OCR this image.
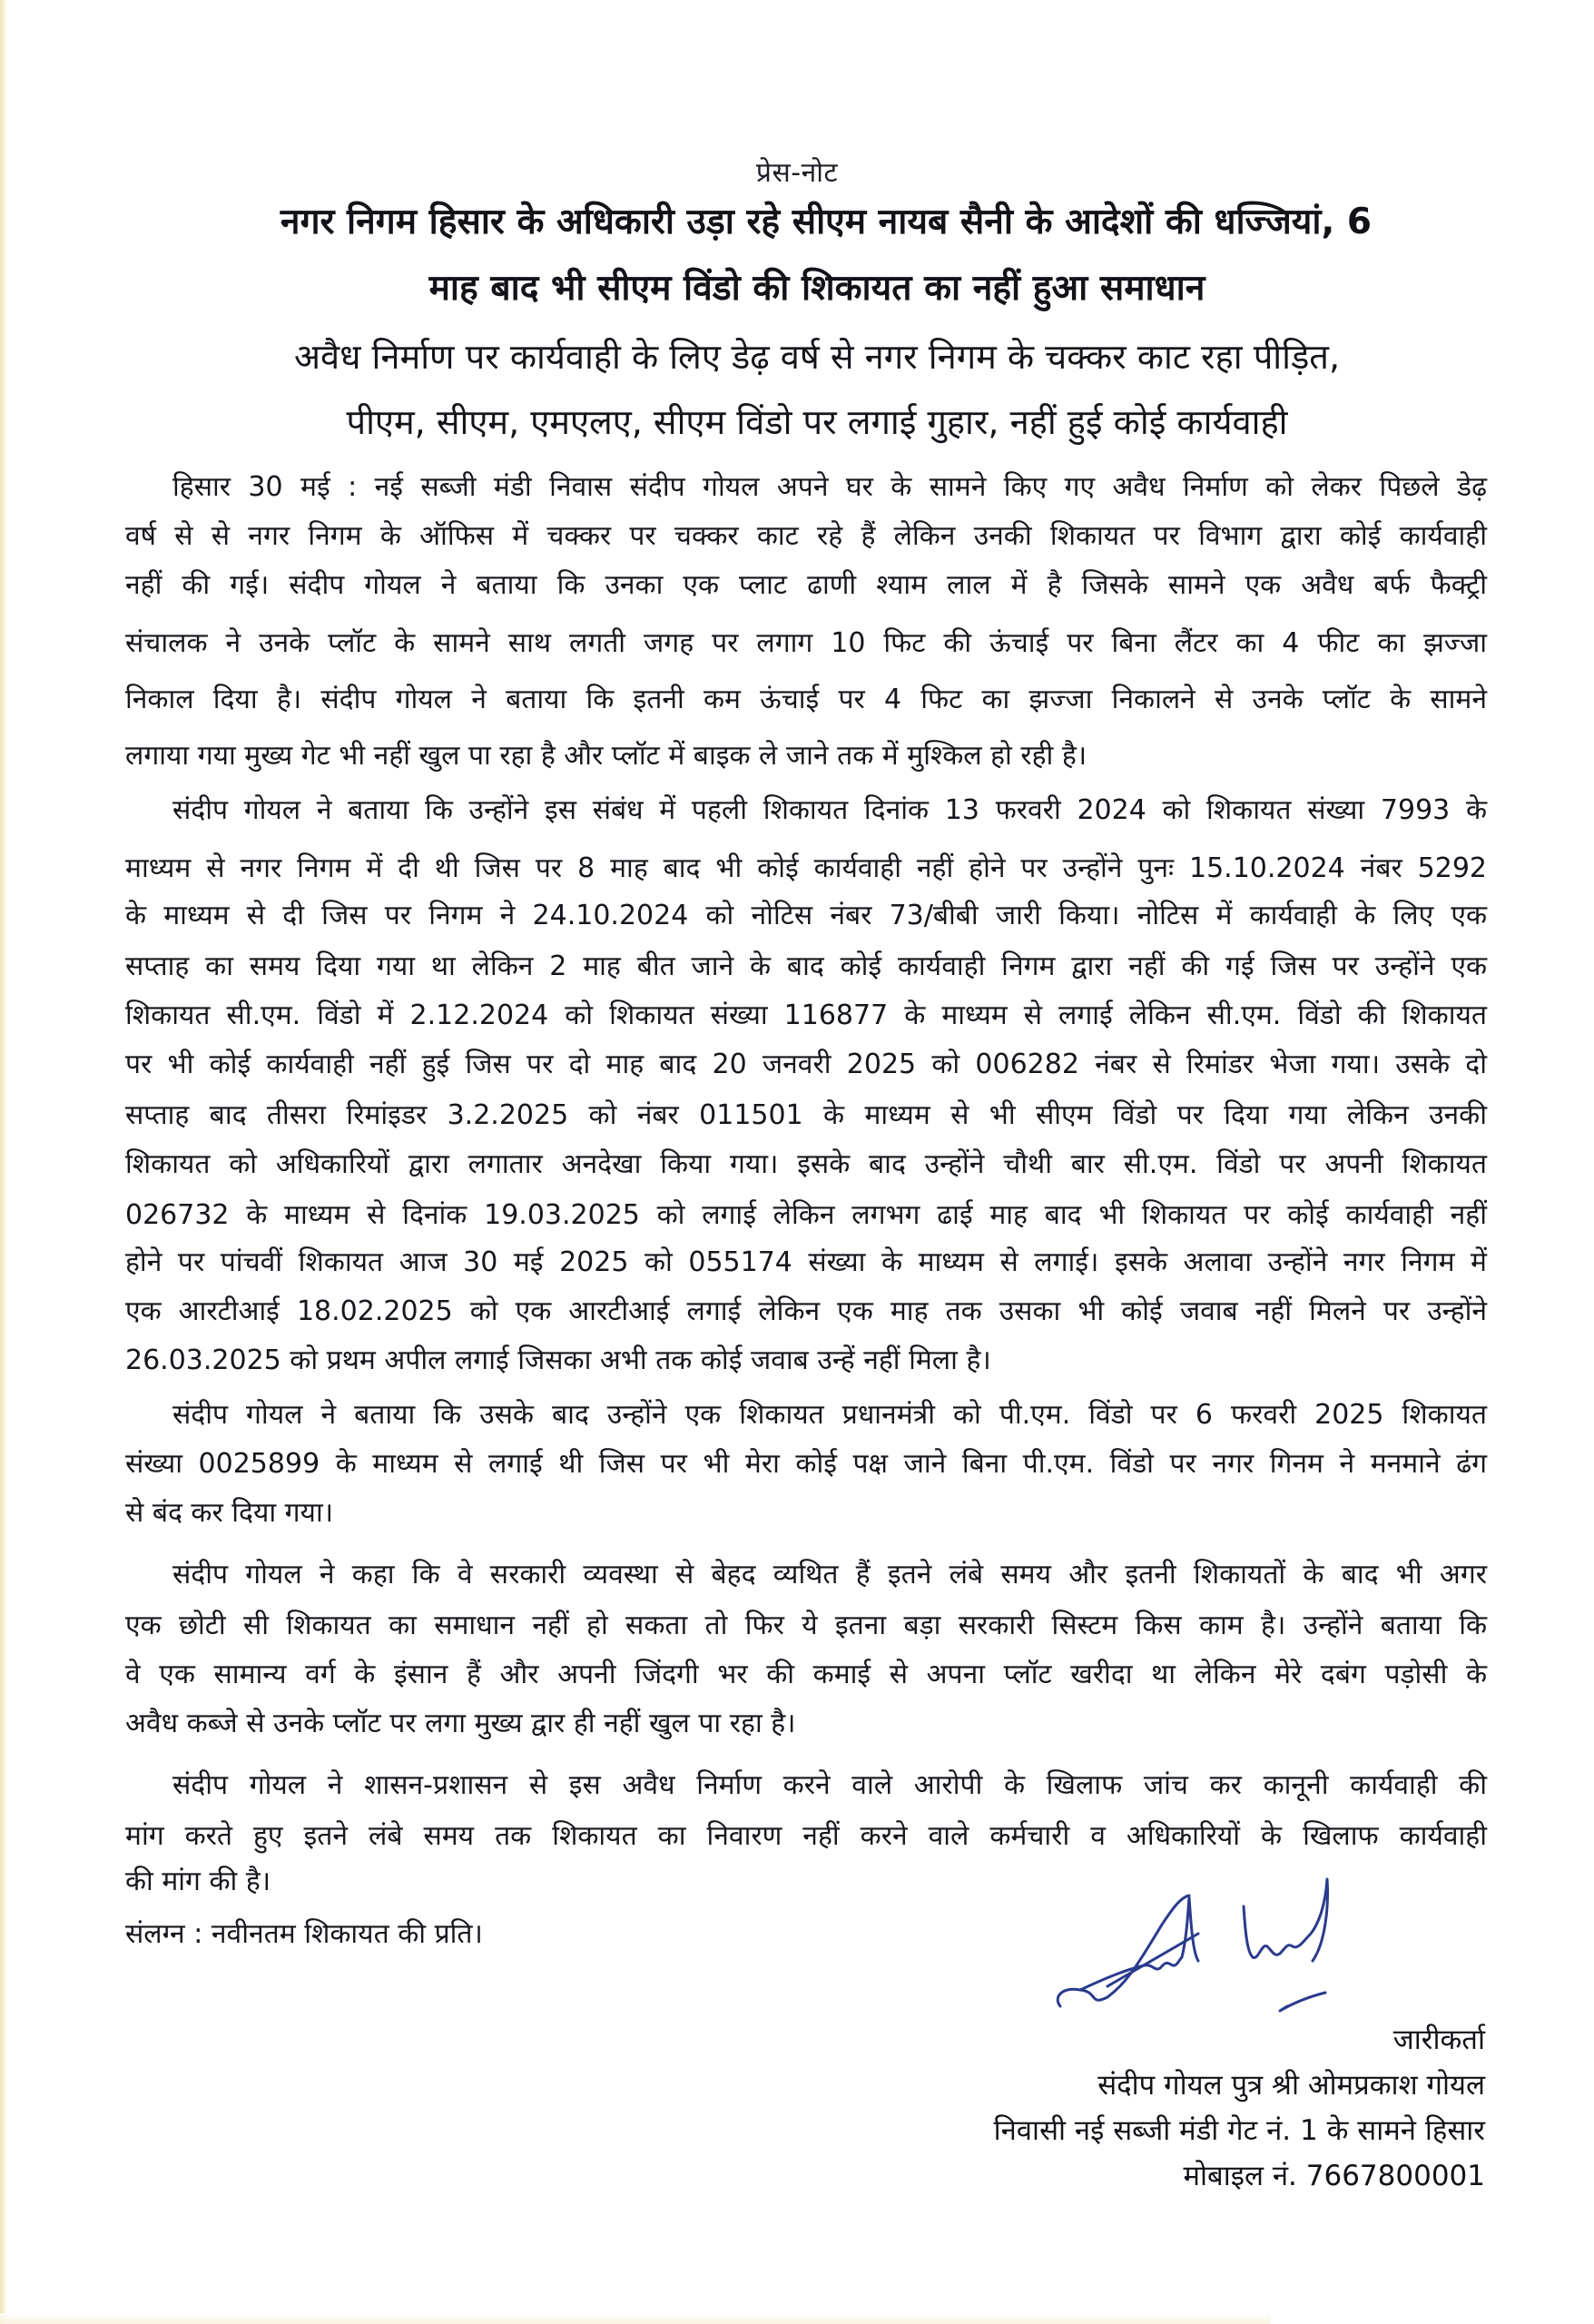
प्रेस-नोट
नगर निगम हिसार के अधिकारी उड़ा रहे सीएम नायब सैनी के आदेशों की धज्जियां, 6
माह बाद भी सीएम विंडो की शिकायत का नहीं हुआ समाधान
अवैध निर्माण पर कार्यवाही के लिए डेढ़ वर्ष से नगर निगम के चक्कर काट रहा पीड़ित,
पीएम, सीएम, एमएलए, सीएम विंडो पर लगाई गुहार, नहीं हुई कोई कार्यवाही
हिसार 30 मई : नई सब्जी मंडी निवास संदीप गोयल अपने घर के सामने किए गए अवैध निर्माण को लेकर पिछले डेढ़
वर्ष से से नगर निगम के ऑफिस में चक्कर पर चक्कर काट रहे हैं लेकिन उनकी शिकायत पर विभाग द्वारा कोई कार्यवाही
नहीं की गई। संदीप गोयल ने बताया कि उनका एक प्लाट ढाणी श्याम लाल में है जिसके सामने एक अवैध बर्फ फैक्ट्री
संचालक ने उनके प्लॉट के सामने साथ लगती जगह पर लगाग 10 फिट की ऊंचाई पर बिना लैंटर का 4 फीट का झज्जा
निकाल दिया है। संदीप गोयल ने बताया कि इतनी कम ऊंचाई पर 4 फिट का झज्जा निकालने से उनके प्लॉट के सामने
लगाया गया मुख्य गेट भी नहीं खुल पा रहा है और प्लॉट में बाइक ले जाने तक में मुश्किल हो रही है।
संदीप गोयल ने बताया कि उन्होंने इस संबंध में पहली शिकायत दिनांक 13 फरवरी 2024 को शिकायत संख्या 7993 के
माध्यम से नगर निगम में दी थी जिस पर 8 माह बाद भी कोई कार्यवाही नहीं होने पर उन्होंने पुनः 15.10.2024 नंबर 5292
के माध्यम से दी जिस पर निगम ने 24.10.2024 को नोटिस नंबर 73/बीबी जारी किया। नोटिस में कार्यवाही के लिए एक
सप्ताह का समय दिया गया था लेकिन 2 माह बीत जाने के बाद कोई कार्यवाही निगम द्वारा नहीं की गई जिस पर उन्होंने एक
शिकायत सी.एम. विंडो में 2.12.2024 को शिकायत संख्या 116877 के माध्यम से लगाई लेकिन सी.एम. विंडो की शिकायत
पर भी कोई कार्यवाही नहीं हुई जिस पर दो माह बाद 20 जनवरी 2025 को 006282 नंबर से रिमांडर भेजा गया। उसके दो
सप्ताह बाद तीसरा रिमांइडर 3.2.2025 को नंबर 011501 के माध्यम से भी सीएम विंडो पर दिया गया लेकिन उनकी
शिकायत को अधिकारियों द्वारा लगातार अनदेखा किया गया। इसके बाद उन्होंने चौथी बार सी.एम. विंडो पर अपनी शिकायत
026732 के माध्यम से दिनांक 19.03.2025 को लगाई लेकिन लगभग ढाई माह बाद भी शिकायत पर कोई कार्यवाही नहीं
होने पर पांचवीं शिकायत आज 30 मई 2025 को 055174 संख्या के माध्यम से लगाई। इसके अलावा उन्होंने नगर निगम में
एक आरटीआई 18.02.2025 को एक आरटीआई लगाई लेकिन एक माह तक उसका भी कोई जवाब नहीं मिलने पर उन्होंने
26.03.2025 को प्रथम अपील लगाई जिसका अभी तक कोई जवाब उन्हें नहीं मिला है।
संदीप गोयल ने बताया कि उसके बाद उन्होंने एक शिकायत प्रधानमंत्री को पी.एम. विंडो पर 6 फरवरी 2025 शिकायत
संख्या 0025899 के माध्यम से लगाई थी जिस पर भी मेरा कोई पक्ष जाने बिना पी.एम. विंडो पर नगर गिनम ने मनमाने ढंग
से बंद कर दिया गया।
संदीप गोयल ने कहा कि वे सरकारी व्यवस्था से बेहद व्यथित हैं इतने लंबे समय और इतनी शिकायतों के बाद भी अगर
एक छोटी सी शिकायत का समाधान नहीं हो सकता तो फिर ये इतना बड़ा सरकारी सिस्टम किस काम है। उन्होंने बताया कि
वे एक सामान्य वर्ग के इंसान हैं और अपनी जिंदगी भर की कमाई से अपना प्लॉट खरीदा था लेकिन मेरे दबंग पड़ोसी के
अवैध कब्जे से उनके प्लॉट पर लगा मुख्य द्वार ही नहीं खुल पा रहा है।
संदीप गोयल ने शासन-प्रशासन से इस अवैध निर्माण करने वाले आरोपी के खिलाफ जांच कर कानूनी कार्यवाही की
मांग करते हुए इतने लंबे समय तक शिकायत का निवारण नहीं करने वाले कर्मचारी व अधिकारियों के खिलाफ कार्यवाही
की मांग की है।
संलग्न : नवीनतम शिकायत की प्रति।
जारीकर्ता
संदीप गोयल पुत्र श्री ओमप्रकाश गोयल
निवासी नई सब्जी मंडी गेट नं. 1 के सामने हिसार
मोबाइल नं. 7667800001
